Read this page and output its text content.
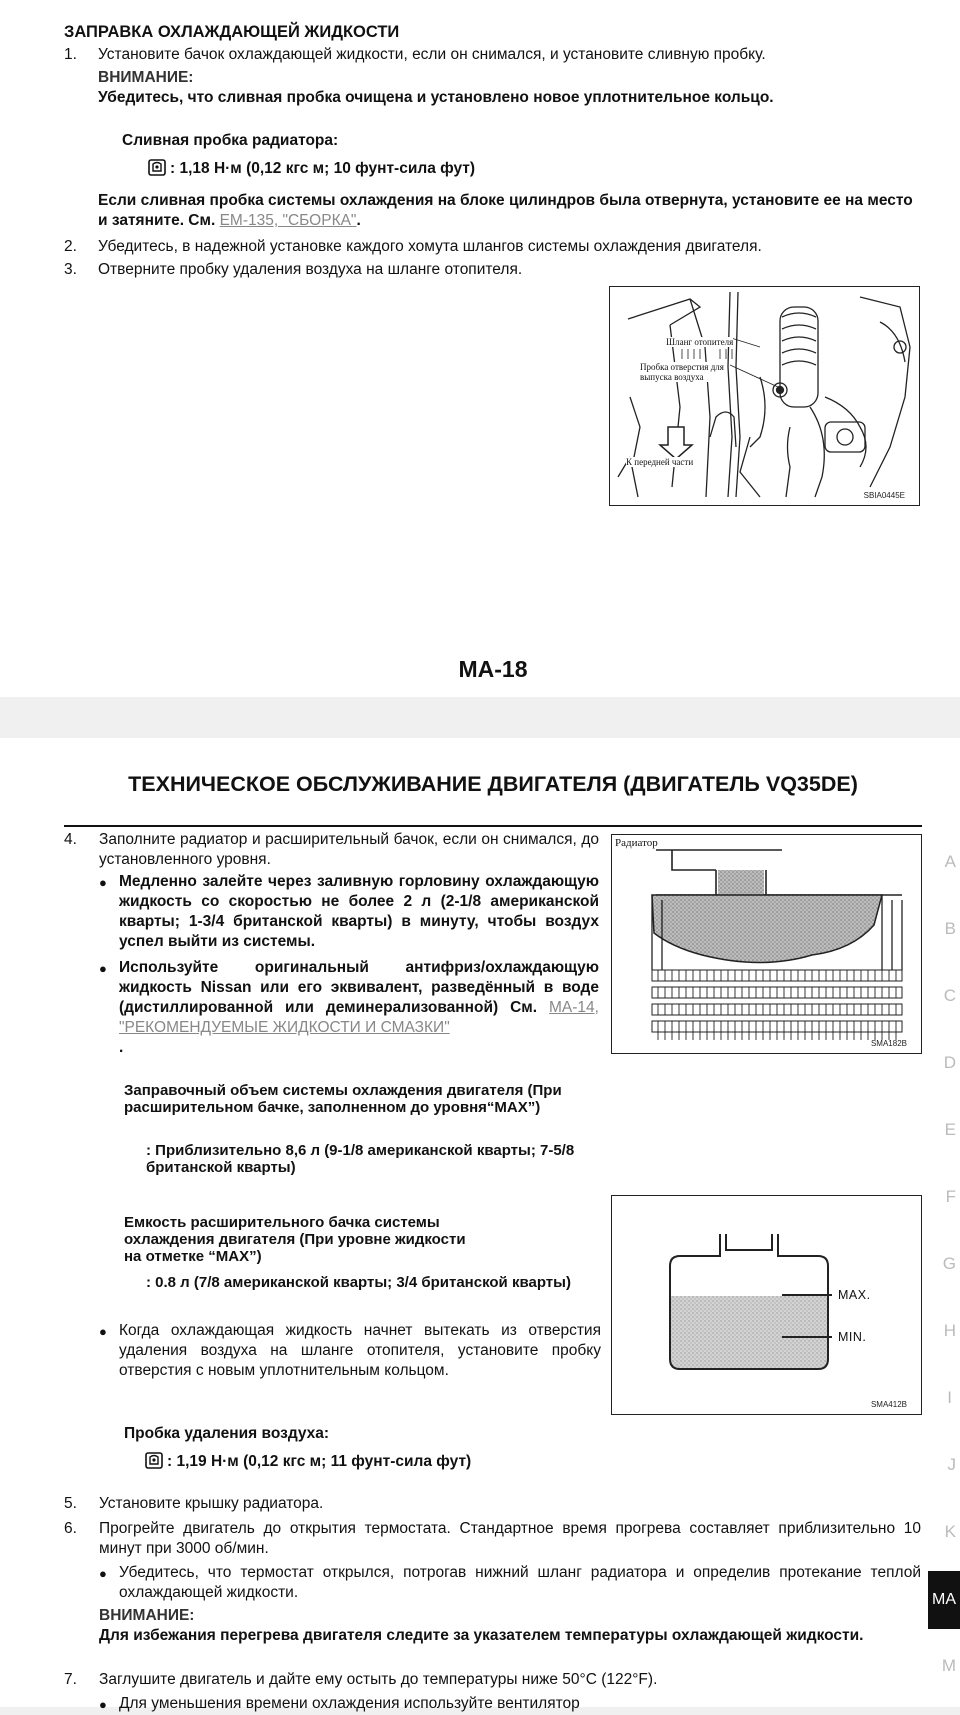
ЗАПРАВКА ОХЛАЖДАЮЩЕЙ ЖИДКОСТИ
1. Установите бачок охлаждающей жидкости, если он снимался, и установите сливную пробку.
ВНИМАНИЕ:
Убедитесь, что сливная пробка очищена и установлено новое уплотнительное кольцо.
Сливная пробка радиатора:
: 1,18 Н·м (0,12 кгс м; 10 фунт-сила фут)
Если сливная пробка системы охлаждения на блоке цилиндров была отвернута, установите ее на место и затяните. См. EM-135, "СБОРКА".
2. Убедитесь, в надежной установке каждого хомута шлангов системы охлаждения двигателя.
3. Отверните пробку удаления воздуха на шланге отопителя.
Шланг отопителя
Пробка отверстия для
выпуска воздуха
К передней части
SBIA0445E
MA-18
ТЕХНИЧЕСКОЕ ОБСЛУЖИВАНИЕ ДВИГАТЕЛЯ (ДВИГАТЕЛЬ VQ35DE)
4. Заполните радиатор и расширительный бачок, если он снимался, до установленного уровня.
● Медленно залейте через заливную горловину охлаждающую жидкость со скоростью не более 2 л (2-1/8 американской кварты; 1-3/4 британской кварты) в минуту, чтобы воздух успел выйти из системы.
● Используйте оригинальный антифриз/охлаждающую жидкость Nissan или его эквивалент, разведённый в воде (дистиллированной или деминерализованной) См. MA-14, "РЕКОМЕНДУЕМЫЕ ЖИДКОСТИ И СМАЗКИ"
.
Заправочный объем системы охлаждения двигателя (При расширительном бачке, заполненном до уровня“MAX”)
: Приблизительно 8,6 л (9-1/8 американской кварты; 7-5/8 британской кварты)
Емкость расширительного бачка системы охлаждения двигателя (При уровне жидкости на отметке “MAX”)
: 0.8 л (7/8 американской кварты; 3/4 британской кварты)
● Когда охлаждающая жидкость начнет вытекать из отверстия удаления воздуха на шланге отопителя, установите пробку отверстия с новым уплотнительным кольцом.
Пробка удаления воздуха:
: 1,19 Н·м (0,12 кгс м; 11 фунт-сила фут)
5. Установите крышку радиатора.
6. Прогрейте двигатель до открытия термостата. Стандартное время прогрева составляет приблизительно 10 минут при 3000 об/мин.
● Убедитесь, что термостат открылся, потрогав нижний шланг радиатора и определив протекание теплой охлаждающей жидкости.
ВНИМАНИЕ:
Для избежания перегрева двигателя следите за указателем температуры охлаждающей жидкости.
7. Заглушите двигатель и дайте ему остыть до температуры ниже 50°C (122°F).
● Для уменьшения времени охлаждения используйте вентилятор
Радиатор
SMA182B
MAX.
MIN.
SMA412B
A
B
C
D
E
F
G
H
I
J
K
MA
M
